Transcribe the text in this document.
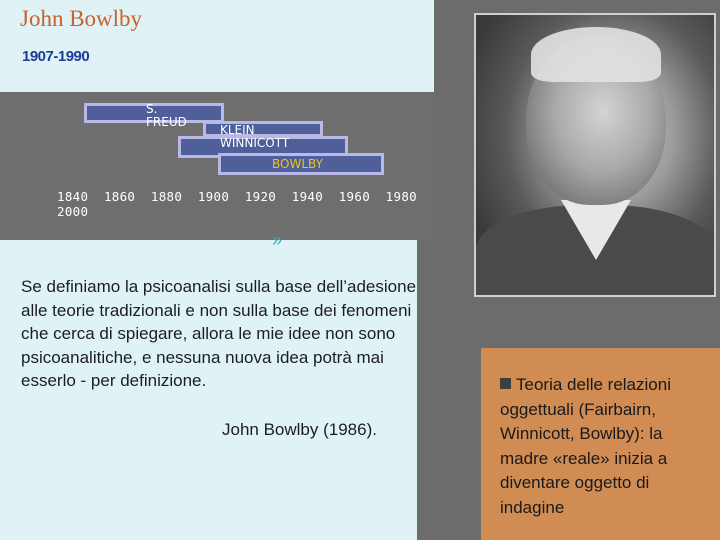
John Bowlby
1907-1990
S.
FREUD
KLEIN
WINNICOTT
BOWLBY
1840  1860  1880  1900  1920  1940  1960  1980
2000
»
Se definiamo la psicoanalisi sulla base dell’adesione alle teorie tradizionali e non sulla base dei fenomeni che cerca di spiegare, allora le mie idee non sono psicoanalitiche, e nessuna nuova idea potrà mai esserlo - per definizione.
John Bowlby (1986).
Teoria delle relazioni oggettuali (Fairbairn, Winnicott, Bowlby): la madre «reale» inizia a diventare oggetto di indagine
